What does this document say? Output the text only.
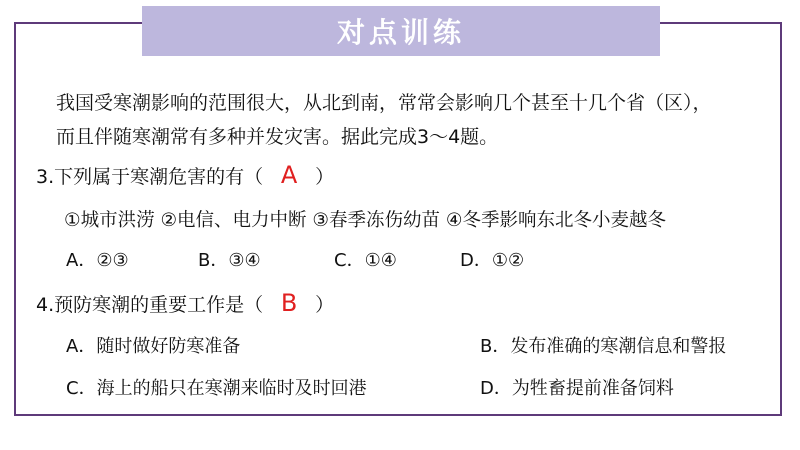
对点训练
我国受寒潮影响的范围很大，从北到南，常常会影响几个甚至十几个省（区），
而且伴随寒潮常有多种并发灾害。据此完成3～4题。
3.下列属于寒潮危害的有（ A ）
①城市洪涝 ②电信、电力中断 ③春季冻伤幼苗 ④冬季影响东北冬小麦越冬
A．②③	B．③④	C．①④	D．①②
4.预防寒潮的重要工作是（ B ）
A．随时做好防寒准备	B．发布准确的寒潮信息和警报
C．海上的船只在寒潮来临时及时回港	D．为牲畜提前准备饲料
